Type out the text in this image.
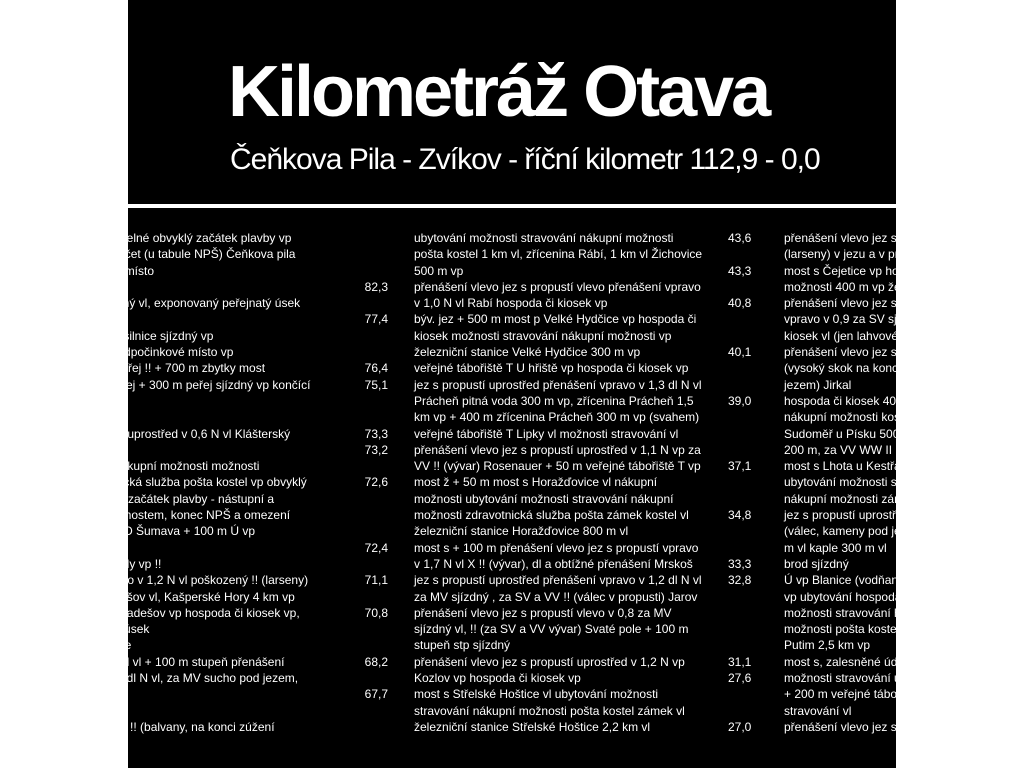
Kilometráž Otava
Čeňkova Pila - Zvíkov - říční kilometr 112,9 - 0,0
Křemelné obvyklý začátek plavby vp
odpočet (u tabule NPŠ) Čeňkova pila
upní místo
sjízdný vl, exponovaný peřejnatý úsek
Š
t zdi silnice sjízdný vp
vp, odpočinkové místo vp
ý), peřej !! + 700 m zbytky most
), peřej + 300 m peřej sjízdný vp končící
ext)
pustí uprostřed v 0,6 N vl Klášterský
vp nákupní možnosti možnosti
votnická služba pošta kostel vp obvyklý
vyklý začátek plavby - nástupní a
pod mostem, konec NPŠ a omezení
CHKO Šumava + 100 m Ú vp
u skály vp !!
vpravo v 1,2 N vl poškozený !! (larseny)
Radešov vl, Kašperské Hory 4 km vp
ě T Radešov vp hospoda či kiosek vp,
natý úsek
peřeje
kostel vl + 100 m stupeň přenášení
zdný dl N vl, za MV sucho pod jezem,
nem
ní zdi !! (balvany, na konci zúžení
82,3
77,4
76,4
75,1
73,3
73,2
72,6
72,4
71,1
70,8
68,2
67,7
ubytování možnosti stravování nákupní možnosti
pošta kostel 1 km vl, zřícenina Rábí, 1 km vl Žichovice
500 m vp
přenášení vlevo jez s propustí vlevo přenášení vpravo
v 1,0 N vl Rabí hospoda či kiosek vp
býv. jez + 500 m most p Velké Hydčice vp hospoda či
kiosek možnosti stravování nákupní možnosti vp
železniční stanice Velké Hydčice 300 m vp
veřejné tábořiště T U hřiště vp hospoda či kiosek vp
jez s propustí uprostřed přenášení vpravo v 1,3 dl N vl
Prácheň pitná voda 300 m vp, zřícenina Prácheň 1,5
km vp + 400 m zřícenina Prácheň 300 m vp (svahem)
veřejné tábořiště T Lipky vl možnosti stravování vl
přenášení vlevo jez s propustí uprostřed v 1,1 N vp za
VV !! (vývar) Rosenauer + 50 m veřejné tábořiště T vp
most ž + 50 m most s Horažďovice vl nákupní
možnosti ubytování možnosti stravování nákupní
možnosti zdravotnická služba pošta zámek kostel vl
železniční stanice Horažďovice 800 m vl
most s + 100 m přenášení vlevo jez s propustí vpravo
v 1,7 N vl X !! (vývar), dl a obtížné přenášení Mrskoš
jez s propustí uprostřed přenášení vpravo v 1,2 dl N vl
za MV sjízdný , za SV a VV !! (válec v propusti) Jarov
přenášení vlevo jez s propustí vlevo v 0,8 za MV
sjízdný vl, !! (za SV a VV vývar) Svaté pole + 100 m
stupeň stp sjízdný
přenášení vlevo jez s propustí uprostřed v 1,2 N vp
Kozlov vp hospoda či kiosek vp
most s Střelské Hoštice vl ubytování možnosti
stravování nákupní možnosti pošta kostel zámek vl
železniční stanice Střelské Hoštice 2,2 km vl
43,6
43,3
40,8
40,1
39,0
37,1
34,8
33,3
32,8
31,1
27,6
27,0
přenášení vlevo jez s
(larseny) v jezu a v pro
most s Čejetice vp hos
možnosti 400 m vp že
přenášení vlevo jez s
vpravo v 0,9 za SV sjí
kiosek vl (jen lahvové)
přenášení vlevo jez s
(vysoký skok na konci
jezem) Jirkal
hospoda či kiosek 400
nákupní možnosti kos
Sudoměř u Písku 500
200 m, za VV WW II !!
most s Lhota u Kestřa
ubytování možnosti st
nákupní možnosti zám
jez s propustí uprostřed
(válec, kameny pod je
m vl kaple 300 m vl
brod sjízdný
Ú vp Blanice (vodňans
vp ubytování hospoda
možnosti stravování h
možnosti pošta kostel
Putim 2,5 km vp
most s, zalesněné údo
možnosti stravování u
+ 200 m veřejné tábo
stravování vl
přenášení vlevo jez s
